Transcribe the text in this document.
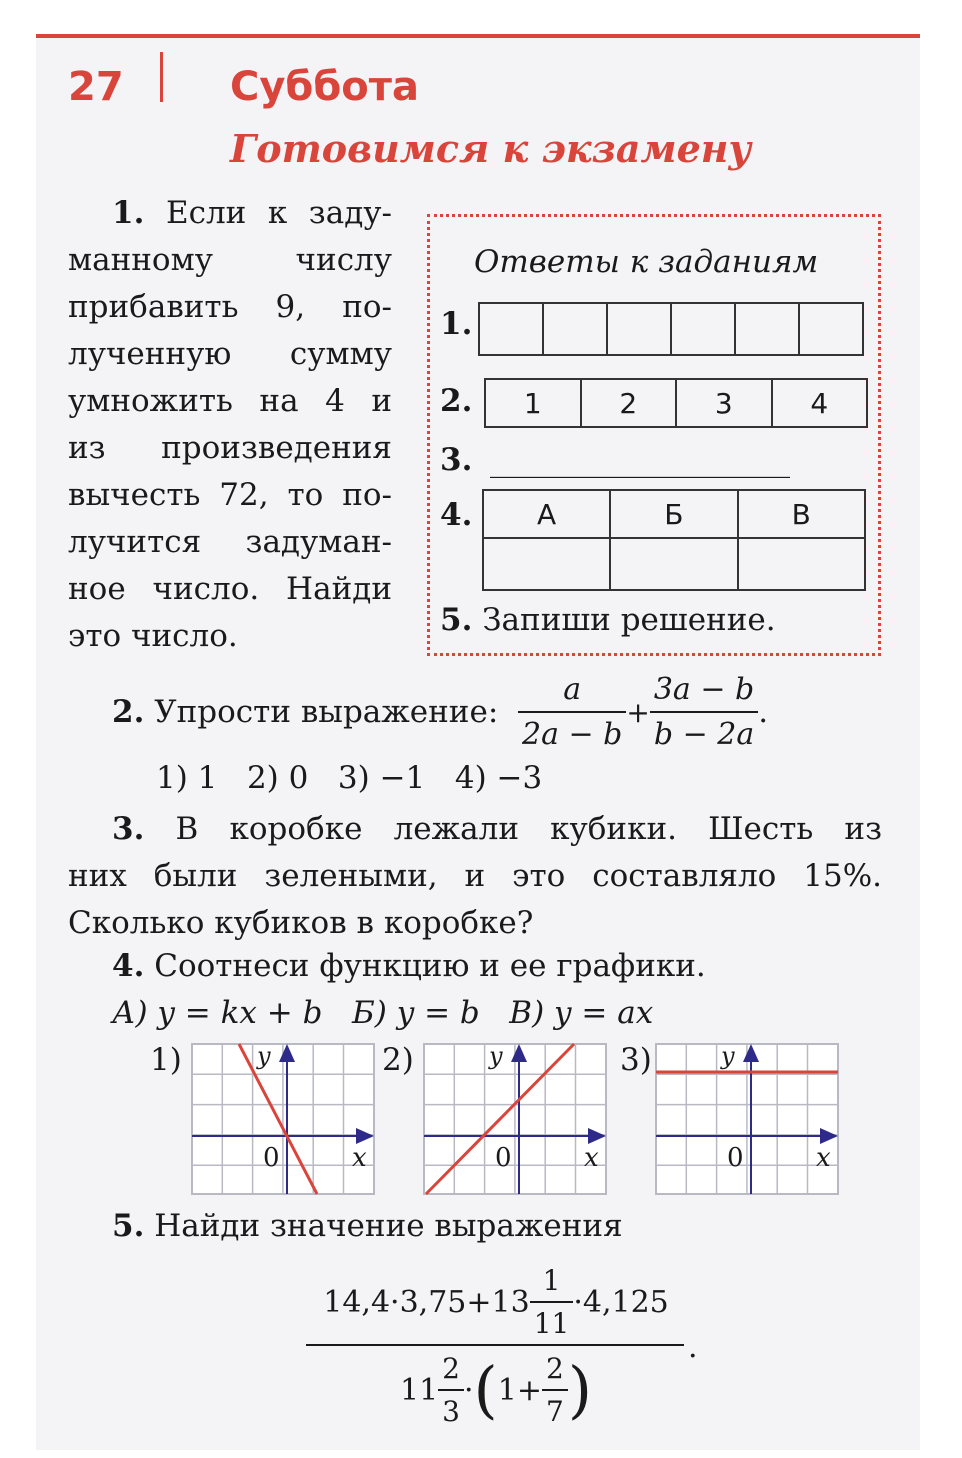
27	Суббота
Готовимся к экзамену
1. Если к заду-
манному числу
прибавить 9, по-
лученную сумму
умножить на 4 и
из произведения
вычесть 72, то по-
лучится задуман-
ное число. Найди
это число.
Ответы к заданиям
1.

2. 1	2	3	4
3. ____________________
4. А	Б	В

5. Запиши решение.
2.
Упрости выражение:
$\frac{a}{2a - b} + \frac{3a - b}{b - 2a}$ .
1) 1   2) 0   3) −1   4) −3
3. В коробке лежали кубики. Шесть из
них были зелеными, и это составляло 15%.
Сколько кубиков в коробке?
4. Соотнеси функцию и ее графики.
А) y = kx + b   Б) y = b   В) y = ax
1)	2)	3)
y
x
0
y
x
0
y
x
0
5. Найди значение выражения
$14,4\cdot 3,75+13 \frac{1}{11} \cdot 4,125$
.
$11 \frac{2}{3}$ · ( $1+ \frac{2}{7}$ )
